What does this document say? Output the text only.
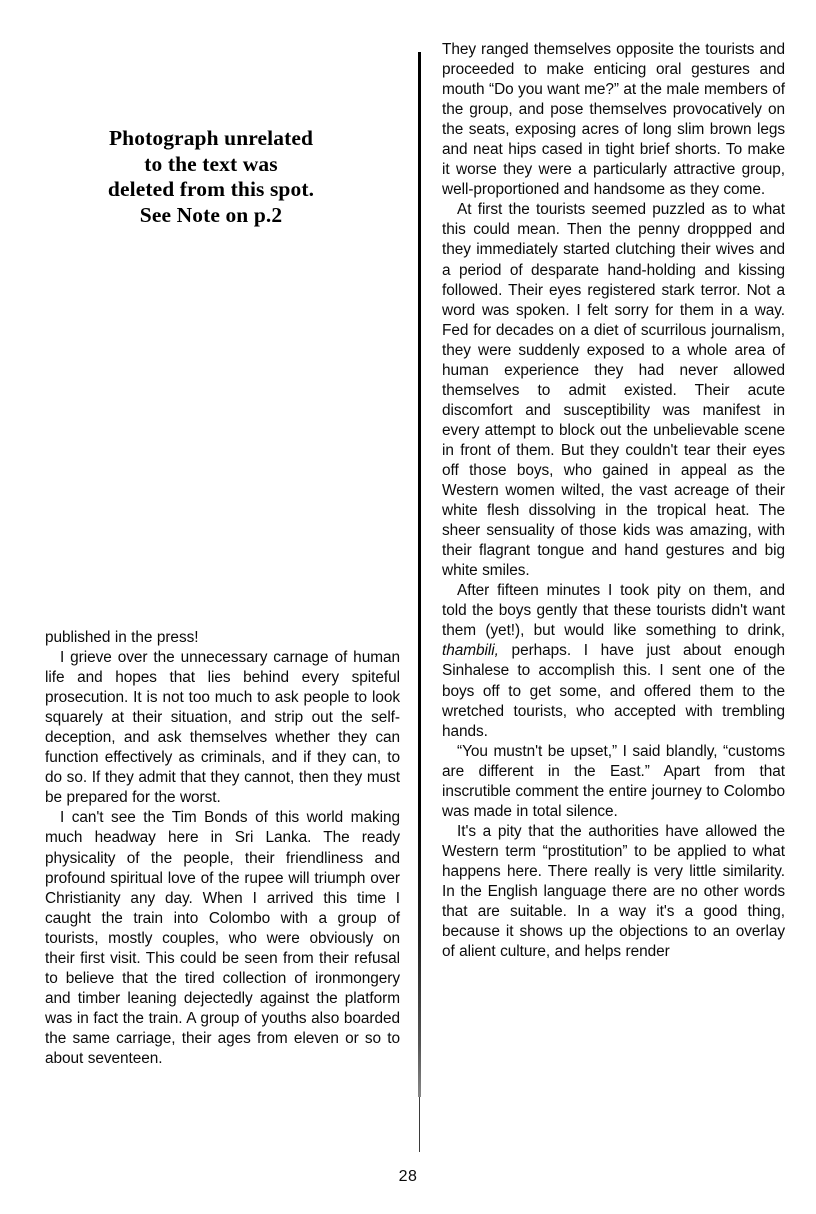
Photograph unrelated
to the text was
deleted from this spot.
See Note on p.2

published in the press!

I grieve over the unnecessary carnage of human life and hopes that lies behind every spiteful prosecution. It is not too much to ask people to look squarely at their situation, and strip out the self-deception, and ask themselves whether they can function effectively as criminals, and if they can, to do so. If they admit that they cannot, then they must be prepared for the worst.

I can't see the Tim Bonds of this world making much headway here in Sri Lanka. The ready physicality of the people, their friendliness and profound spiritual love of the rupee will triumph over Christianity any day. When I arrived this time I caught the train into Colombo with a group of tourists, mostly couples, who were obviously on their first visit. This could be seen from their refusal to believe that the tired collection of ironmongery and timber leaning dejectedly against the platform was in fact the train. A group of youths also boarded the same carriage, their ages from eleven or so to about seventeen.

They ranged themselves opposite the tourists and proceeded to make enticing oral gestures and mouth “Do you want me?” at the male members of the group, and pose themselves provocatively on the seats, exposing acres of long slim brown legs and neat hips cased in tight brief shorts. To make it worse they were a particularly attractive group, well-proportioned and handsome as they come.

At first the tourists seemed puzzled as to what this could mean. Then the penny droppped and they immediately started clutching their wives and a period of desparate hand-holding and kissing followed. Their eyes registered stark terror. Not a word was spoken. I felt sorry for them in a way. Fed for decades on a diet of scurrilous journalism, they were suddenly exposed to a whole area of human experience they had never allowed themselves to admit existed. Their acute discomfort and susceptibility was manifest in every attempt to block out the unbelievable scene in front of them. But they couldn't tear their eyes off those boys, who gained in appeal as the Western women wilted, the vast acreage of their white flesh dissolving in the tropical heat. The sheer sensuality of those kids was amazing, with their flagrant tongue and hand gestures and big white smiles.

After fifteen minutes I took pity on them, and told the boys gently that these tourists didn't want them (yet!), but would like something to drink, thambili, perhaps. I have just about enough Sinhalese to accomplish this. I sent one of the boys off to get some, and offered them to the wretched tourists, who accepted with trembling hands.

“You mustn't be upset,” I said blandly, “customs are different in the East.” Apart from that inscrutible comment the entire journey to Colombo was made in total silence.

It's a pity that the authorities have allowed the Western term “prostitution” to be applied to what happens here. There really is very little similarity. In the English language there are no other words that are suitable. In a way it's a good thing, because it shows up the objections to an overlay of alient culture, and helps render

28
